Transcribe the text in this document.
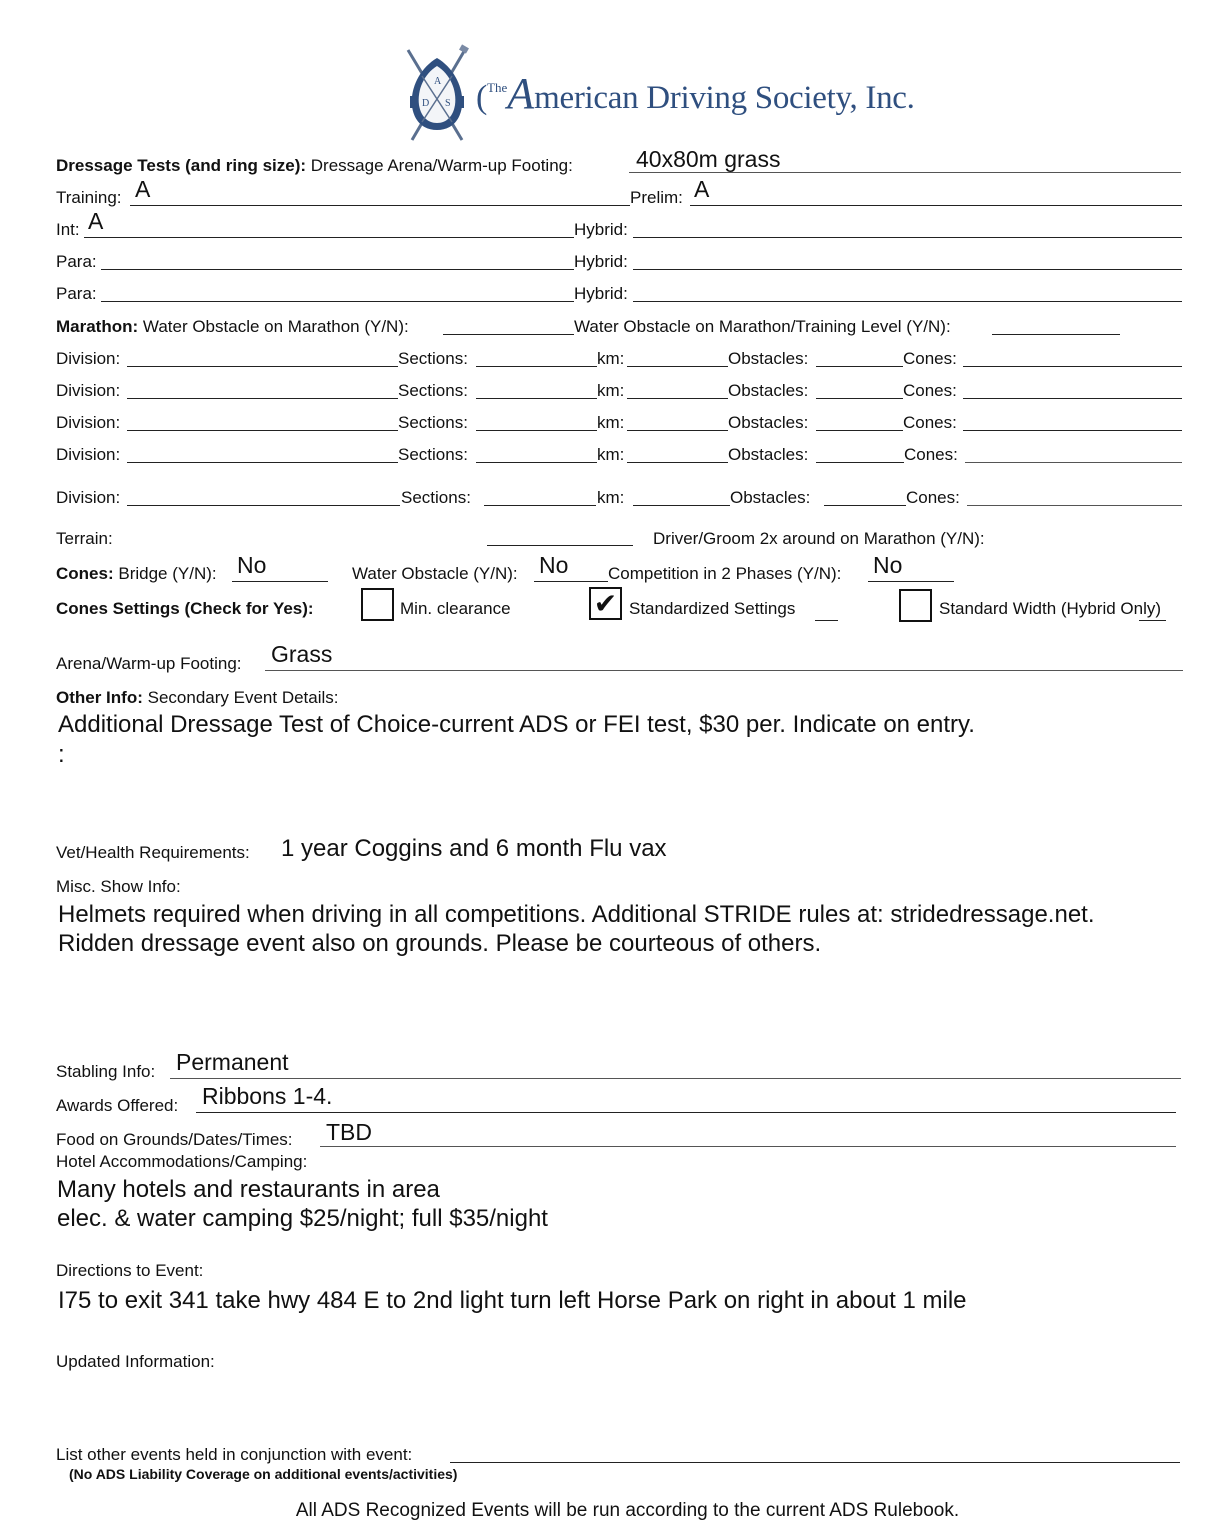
A
D S ($^{The}$American Driving Society, Inc.
Dressage Tests (and ring size): Dressage Arena/Warm-up Footing:	40x80m grass
Training: A	Prelim: A
Int: A	Hybrid:
Para:	Hybrid:
Para:	Hybrid:
Marathon: Water Obstacle on Marathon (Y/N):	Water Obstacle on Marathon/Training Level (Y/N):
Division:	Sections:	km:	Obstacles:	Cones:
Division:	Sections:	km:	Obstacles:	Cones:
Division:	Sections:	km:	Obstacles:	Cones:
Division:	Sections:	km:	Obstacles:	Cones:
Division:	Sections:	km:	Obstacles:	Cones:
Terrain:	Driver/Groom 2x around on Marathon (Y/N):
Cones: Bridge (Y/N): No	Water Obstacle (Y/N): No Competition in 2 Phases (Y/N): No
Cones Settings (Check for Yes):	Min. clearance	✔ Standardized Settings	Standard Width (Hybrid Only)
Arena/Warm-up Footing: Grass
Other Info: Secondary Event Details:
Additional Dressage Test of Choice-current ADS or FEI test, $30 per. Indicate on entry.
:
Vet/Health Requirements: 1 year Coggins and 6 month Flu vax
Misc. Show Info:
Helmets required when driving in all competitions. Additional STRIDE rules at: stridedressage.net.
Ridden dressage event also on grounds. Please be courteous of others.
Stabling Info: Permanent
Awards Offered: Ribbons 1-4.
Food on Grounds/Dates/Times: TBD
Hotel Accommodations/Camping:
Many hotels and restaurants in area
elec. & water camping $25/night; full $35/night
Directions to Event:
I75 to exit 341 take hwy 484 E to 2nd light turn left Horse Park on right in about 1 mile
Updated Information:
List other events held in conjunction with event:
(No ADS Liability Coverage on additional events/activities)
All ADS Recognized Events will be run according to the current ADS Rulebook.
